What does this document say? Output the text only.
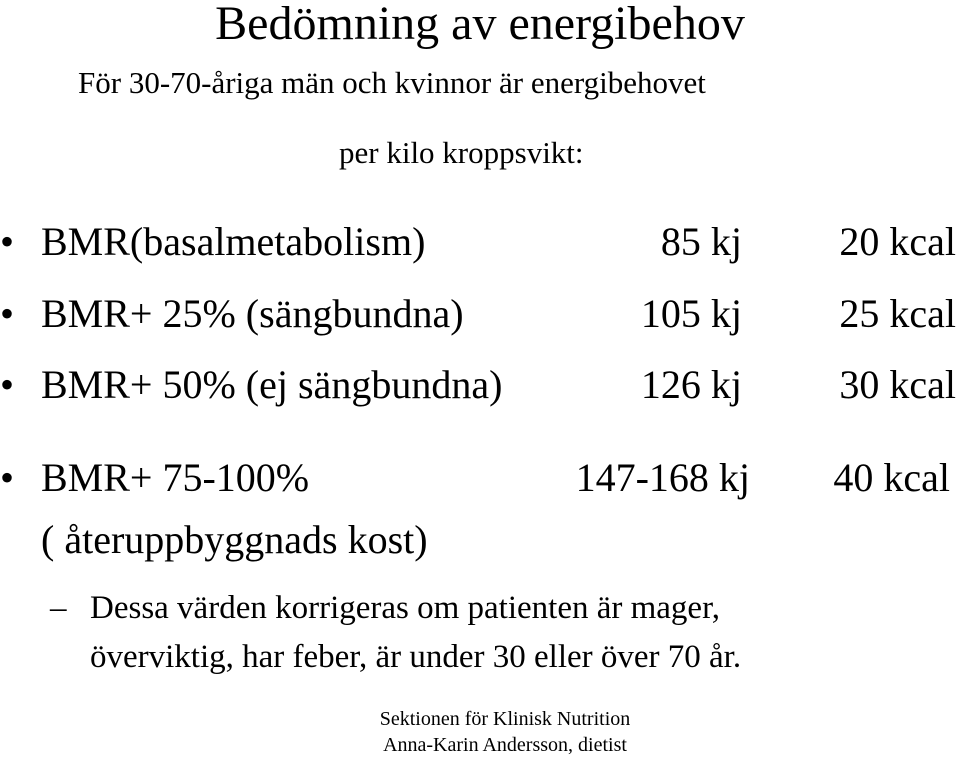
Bedömning av energibehov
För 30-70-åriga män och kvinnor är energibehovet
per kilo kroppsvikt:
• BMR(basalmetabolism)	85 kj	20 kcal
• BMR+ 25% (sängbundna)	105 kj	25 kcal
• BMR+ 50% (ej sängbundna)	126 kj	30 kcal
• BMR+ 75-100%	147-168 kj	40 kcal
( återuppbyggnads kost)
– Dessa värden korrigeras om patienten är mager,
överviktig, har feber, är under 30 eller över 70 år.
Sektionen för Klinisk Nutrition
Anna-Karin Andersson, dietist
